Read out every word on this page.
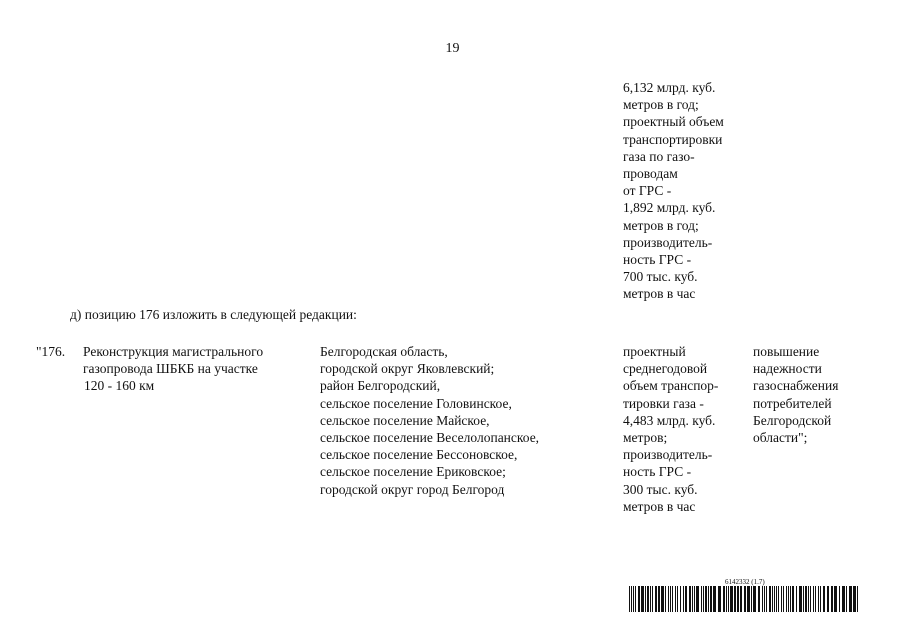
19
6,132 млрд. куб.
метров в год;
проектный объем
транспортировки
газа по газо-
проводам
от ГРС -
1,892 млрд. куб.
метров в год;
производитель-
ность ГРС -
700 тыс. куб.
метров в час
д) позицию 176 изложить в следующей редакции:
"176. Реконструкция магистрального
газопровода ШБКБ на участке
120 - 160 км
Белгородская область,
городской округ Яковлевский;
район Белгородский,
сельское поселение Головинское,
сельское поселение Майское,
сельское поселение Веселолопанское,
сельское поселение Бессоновское,
сельское поселение Ериковское;
городской округ город Белгород
проектный
среднегодовой
объем транспор-
тировки газа -
4,483 млрд. куб.
метров;
производитель-
ность ГРС -
300 тыс. куб.
метров в час
повышение
надежности
газоснабжения
потребителей
Белгородской
области";
6142332 (1.7)
